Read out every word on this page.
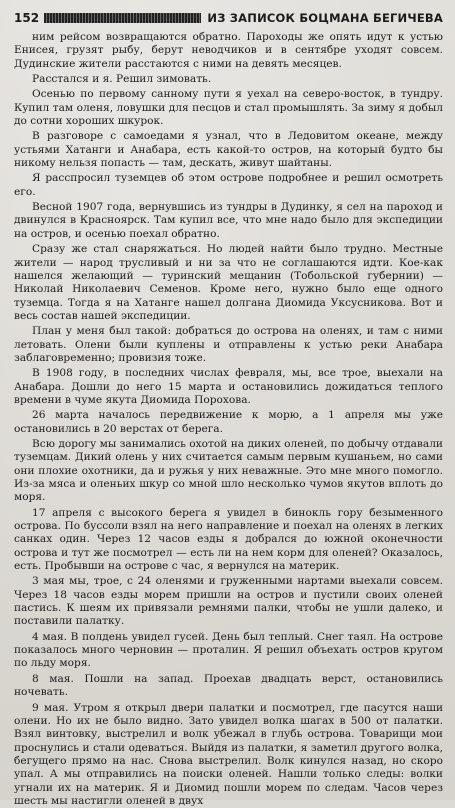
152	ИЗ ЗАПИСОК БОЦМАНА БЕГИЧЕВА

ним рейсом возвращаются обратно. Пароходы же опять идут к устью Енисея, грузят рыбу, берут неводчиков и в сентябре уходят совсем. Дудинские жители расстаются с ними на девять месяцев.

Расстался и я. Решил зимовать.

Осенью по первому санному пути я уехал на северо-восток, в тундру. Купил там оленя, ловушки для песцов и стал промышлять. За зиму я добыл до сотни хороших шкурок.

В разговоре с самоедами я узнал, что в Ледовитом океане, между устьями Хатанги и Анабара, есть какой-то остров, на который будто бы никому нельзя попасть — там, дескать, живут шайтаны.

Я расспросил туземцев об этом острове подробнее и решил осмотреть его.

Весной 1907 года, вернувшись из тундры в Дудинку, я сел на пароход и двинулся в Красноярск. Там купил все, что мне надо было для экспедиции на остров, и осенью поехал обратно.

Сразу же стал снаряжаться. Но людей найти было трудно. Местные жители — народ трусливый и ни за что не соглашаются идти. Кое-как нашелся желающий — туринский мещанин (Тобольской губернии) — Николай Николаевич Семенов. Кроме него, нужно было еще одного туземца. Тогда я на Хатанге нашел долгана Диомида Уксусникова. Вот и весь состав нашей экспедиции.

План у меня был такой: добраться до острова на оленях, и там с ними летовать. Олени были куплены и отправлены к устью реки Анабара заблаговременно; провизия тоже.

В 1908 году, в последних числах февраля, мы, все трое, выехали на Анабара. Дошли до него 15 марта и остановились дожидаться теплого времени в чуме якута Диомида Порохова.

26 марта началось передвижение к морю, а 1 апреля мы уже остановились в 20 верстах от берега.

Всю дорогу мы занимались охотой на диких оленей, по добычу отдавали туземцам. Дикий олень у них считается самым первым кушаньем, но сами они плохие охотники, да и ружья у них неважные. Это мне много помогло. Из-за мяса и оленьих шкур со мной шло несколько чумов якутов вплоть до моря.

17 апреля с высокого берега я увидел в бинокль гору безыменного острова. По буссоли взял на него направление и поехал на оленях в легких санках один. Через 12 часов езды я добрался до южной оконечности острова и тут же посмотрел — есть ли на нем корм для оленей? Оказалось, есть. Пробывши на острове с час, я вернулся на материк.

3 мая мы, трое, с 24 оленями и груженными нартами выехали совсем. Через 18 часов езды морем пришли на остров и пустили своих оленей пастись. К шеям их привязали ремнями палки, чтобы не ушли далеко, и поставили палатку.

4 мая. В полдень увидел гусей. День был теплый. Снег таял. На острове показалось много черновин — проталин. Я решил объехать остров кругом по льду моря.

8 мая. Пошли на запад. Проехав двадцать верст, остановились ночевать.

9 мая. Утром я открыл двери палатки и посмотрел, где пасутся наши олени. Но их не было видно. Зато увидел волка шагах в 500 от палатки. Взял винтовку, выстрелил и волк убежал в глубь острова. Товарищи мои проснулись и стали одеваться. Выйдя из палатки, я заметил другого волка, бегущего прямо на нас. Снова выстрелил. Волк кинулся назад, но скоро упал. А мы отправились на поиски оленей. Нашли только следы: волки угнали их на материк. Я и Диомид пошли морем по следам. Часов через шесть мы настигли оленей в двух
